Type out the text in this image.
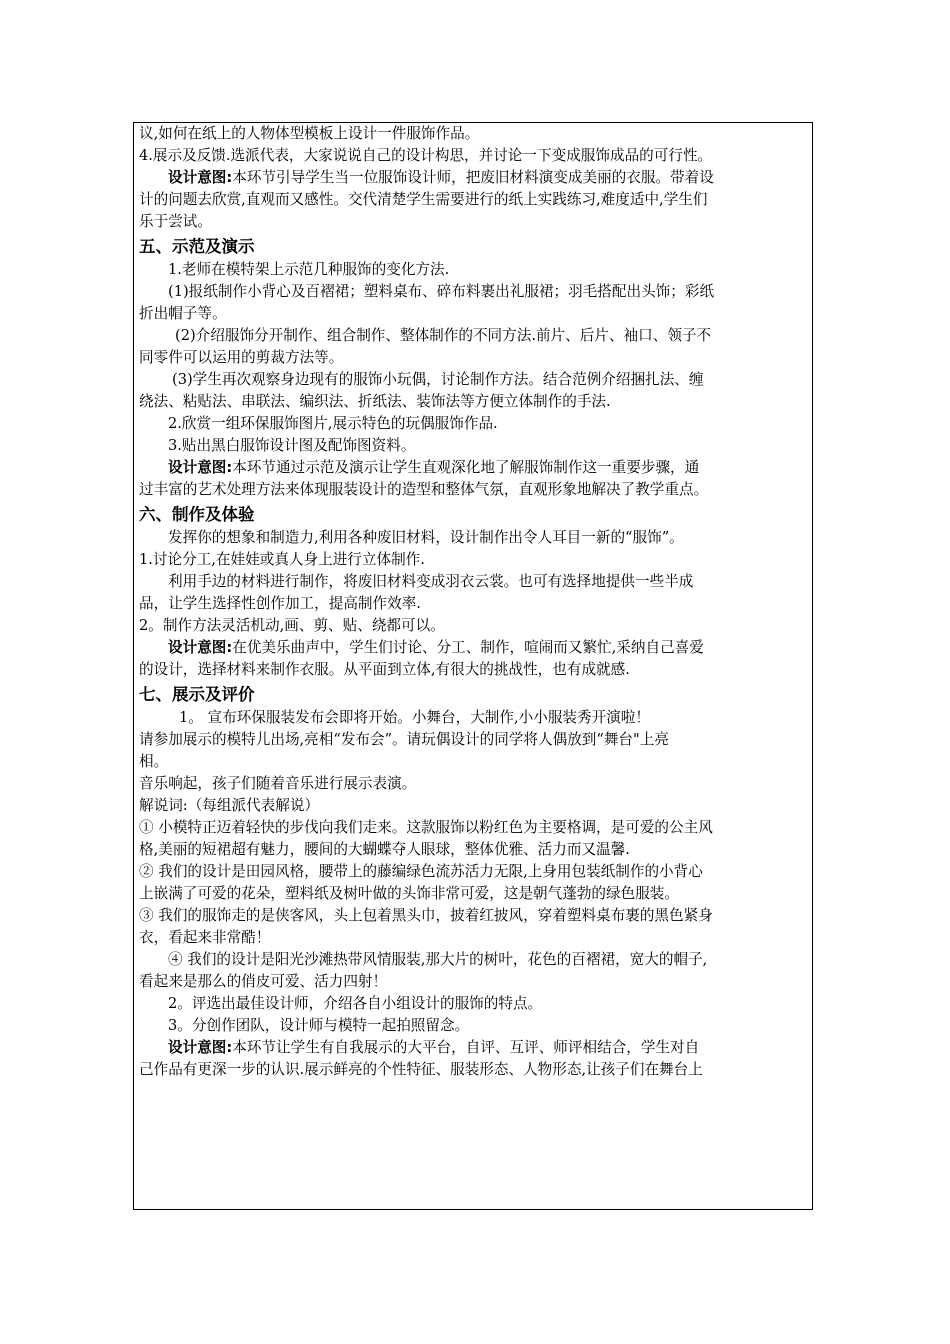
议,如何在纸上的人物体型模板上设计一件服饰作品。
4.展示及反馈.选派代表，大家说说自己的设计构思，并讨论一下变成服饰成品的可行性。
设计意图:本环节引导学生当一位服饰设计师，把废旧材料演变成美丽的衣服。带着设
计的问题去欣赏,直观而又感性。交代清楚学生需要进行的纸上实践练习,难度适中,学生们
乐于尝试。
五、示范及演示
1.老师在模特架上示范几种服饰的变化方法.
(1)报纸制作小背心及百褶裙；塑料桌布、碎布料裹出礼服裙；羽毛搭配出头饰；彩纸
折出帽子等。
(2)介绍服饰分开制作、组合制作、整体制作的不同方法.前片、后片、袖口、领子不
同零件可以运用的剪裁方法等。
(3)学生再次观察身边现有的服饰小玩偶，讨论制作方法。结合范例介绍捆扎法、缠
绕法、粘贴法、串联法、编织法、折纸法、装饰法等方便立体制作的手法.
2.欣赏一组环保服饰图片,展示特色的玩偶服饰作品.
3.贴出黑白服饰设计图及配饰图资料。
设计意图:本环节通过示范及演示让学生直观深化地了解服饰制作这一重要步骤，通
过丰富的艺术处理方法来体现服装设计的造型和整体气氛，直观形象地解决了教学重点。
六、制作及体验
发挥你的想象和制造力,利用各种废旧材料，设计制作出令人耳目一新的“服饰”。
1.讨论分工,在娃娃或真人身上进行立体制作.
利用手边的材料进行制作，将废旧材料变成羽衣云裳。也可有选择地提供一些半成
品，让学生选择性创作加工，提高制作效率.
2。制作方法灵活机动,画、剪、贴、绕都可以。
设计意图:在优美乐曲声中，学生们讨论、分工、制作，喧闹而又繁忙,采纳自己喜爱
的设计，选择材料来制作衣服。从平面到立体,有很大的挑战性，也有成就感.
七、展示及评价
1。 宣布环保服装发布会即将开始。小舞台，大制作,小小服装秀开演啦！
请参加展示的模特儿出场,亮相“发布会”。请玩偶设计的同学将人偶放到“舞台"上亮
相。
音乐响起，孩子们随着音乐进行展示表演。
解说词:（每组派代表解说）
① 小模特正迈着轻快的步伐向我们走来。这款服饰以粉红色为主要格调，是可爱的公主风
格,美丽的短裙超有魅力，腰间的大蝴蝶夺人眼球，整体优雅、活力而又温馨.
② 我们的设计是田园风格，腰带上的藤编绿色流苏活力无限,上身用包装纸制作的小背心
上嵌满了可爱的花朵，塑料纸及树叶做的头饰非常可爱，这是朝气蓬勃的绿色服装。
③ 我们的服饰走的是侠客风，头上包着黑头巾，披着红披风，穿着塑料桌布裹的黑色紧身
衣，看起来非常酷！
④ 我们的设计是阳光沙滩热带风情服装,那大片的树叶，花色的百褶裙，宽大的帽子,
看起来是那么的俏皮可爱、活力四射！
2。评选出最佳设计师，介绍各自小组设计的服饰的特点。
3。分创作团队，设计师与模特一起拍照留念。
设计意图:本环节让学生有自我展示的大平台，自评、互评、师评相结合，学生对自
己作品有更深一步的认识.展示鲜亮的个性特征、服装形态、人物形态,让孩子们在舞台上
